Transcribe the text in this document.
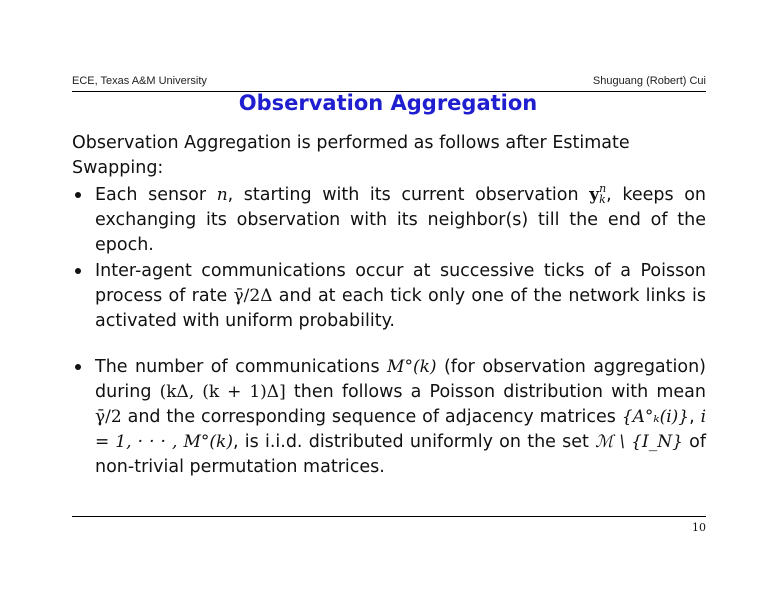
ECE, Texas A&M University	Shuguang (Robert) Cui
Observation Aggregation
Observation Aggregation is performed as follows after Estimate Swapping:
Each sensor n, starting with its current observation y n
k , keeps on exchanging its observation with its neighbor(s) till the end of the epoch.
Inter-agent communications occur at successive ticks of a Poisson process of rate γ̄/2Δ and at each tick only one of the network links is activated with uniform probability.
The number of communications M°(k) (for observation aggregation) during (kΔ, (k + 1)Δ] then follows a Poisson distribution with mean γ̄/2 and the corresponding sequence of adjacency matrices {A°ₖ(i)}, i = 1, · · · , M°(k), is i.i.d. distributed uniformly on the set ℳ \ {I_N} of non-trivial permutation matrices.
10
